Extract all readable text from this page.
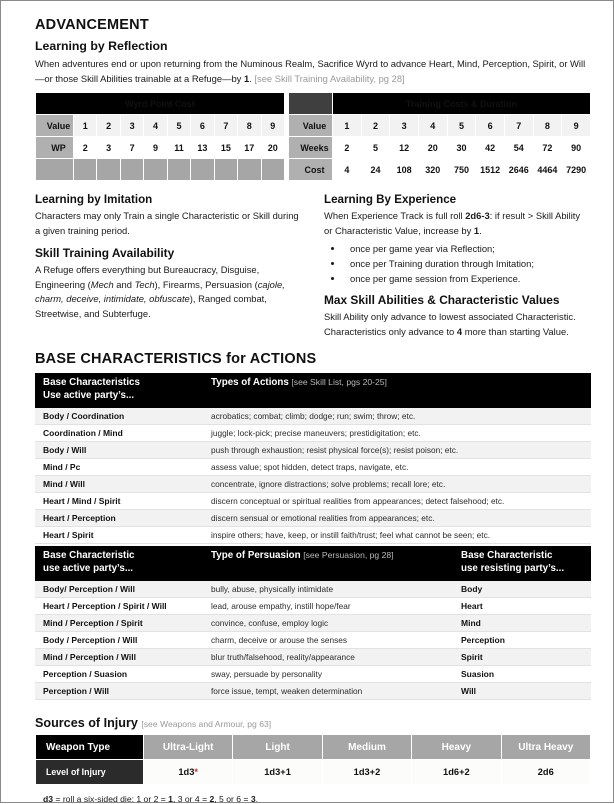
ADVANCEMENT
Learning by Reflection

When adventures end or upon returning from the Numinous Realm, Sacrifice Wyrd to advance Heart, Mind, Perception, Spirit, or Will—or those Skill Abilities trainable at a Refuge—by 1. [see Skill Training Availability, pg 28]

Wyrd Point Cost									
Value	1	2	3	4	5	6	7	8	9
WP	2	3	7	9	11	13	15	17	20

	Training Costs & Duration								
Value	1	2	3	4	5	6	7	8	9
Weeks	2	5	12	20	30	42	54	72	90
Cost	4	24	108	320	750	1512	2646	4464	7290
Learning by Imitation

Characters may only Train a single Characteristic or Skill during a given training period.

Skill Training Availability

A Refuge offers everything but Bureaucracy, Disguise, Engineering (Mech and Tech), Firearms, Persuasion (cajole, charm, deceive, intimidate, obfuscate), Ranged combat, Streetwise, and Subterfuge.

Learning By Experience

When Experience Track is full roll 2d6-3: if result > Skill Ability or Characteristic Value, increase by 1.

• once per game year via Reflection;
• once per Training duration through Imitation;
• once per game session from Experience.
Max Skill Abilities & Characteristic Values

Skill Ability only advance to lowest associated Characteristic.
Characteristics only advance to 4 more than starting Value.

BASE CHARACTERISTICS for ACTIONS
Base Characteristics
Use active party’s...	Types of Actions [see Skill List, pgs 20-25]
Body / Coordination	acrobatics; combat; climb; dodge; run; swim; throw; etc.
Coordination / Mind	juggle; lock-pick; precise maneuvers; prestidigitation; etc.
Body / Will	push through exhaustion; resist physical force(s); resist poison; etc.
Mind / Pc	assess value; spot hidden, detect traps, navigate, etc.
Mind / Will	concentrate, ignore distractions; solve problems; recall lore; etc.
Heart / Mind / Spirit	discern conceptual or spiritual realities from appearances; detect falsehood; etc.
Heart / Perception	discern sensual or emotional realities from appearances; etc.
Heart / Spirit	inspire others; have, keep, or instill faith/trust; feel what cannot be seen; etc.
Base Characteristic
use active party’s...	Type of Persuasion [see Persuasion, pg 28]	Base Characteristic
use resisting party’s...
Body/ Perception / Will	bully, abuse, physically intimidate	Body
Heart / Perception / Spirit / Will	lead, arouse empathy, instill hope/fear	Heart
Mind / Perception / Spirit	convince, confuse, employ logic	Mind
Body / Perception / Will	charm, deceive or arouse the senses	Perception
Mind / Perception / Will	blur truth/falsehood, reality/appearance	Spirit
Perception / Suasion	sway, persuade by personality	Suasion
Perception / Will	force issue, tempt, weaken determination	Will
Sources of Injury [see Weapons and Armour, pg 63]
Weapon Type	Ultra-Light	Light	Medium	Heavy	Ultra Heavy
Level of Injury	1d3*	1d3+1	1d3+2	1d6+2	2d6
d3 = roll a six-sided die: 1 or 2 = 1, 3 or 4 = 2, 5 or 6 = 3.
